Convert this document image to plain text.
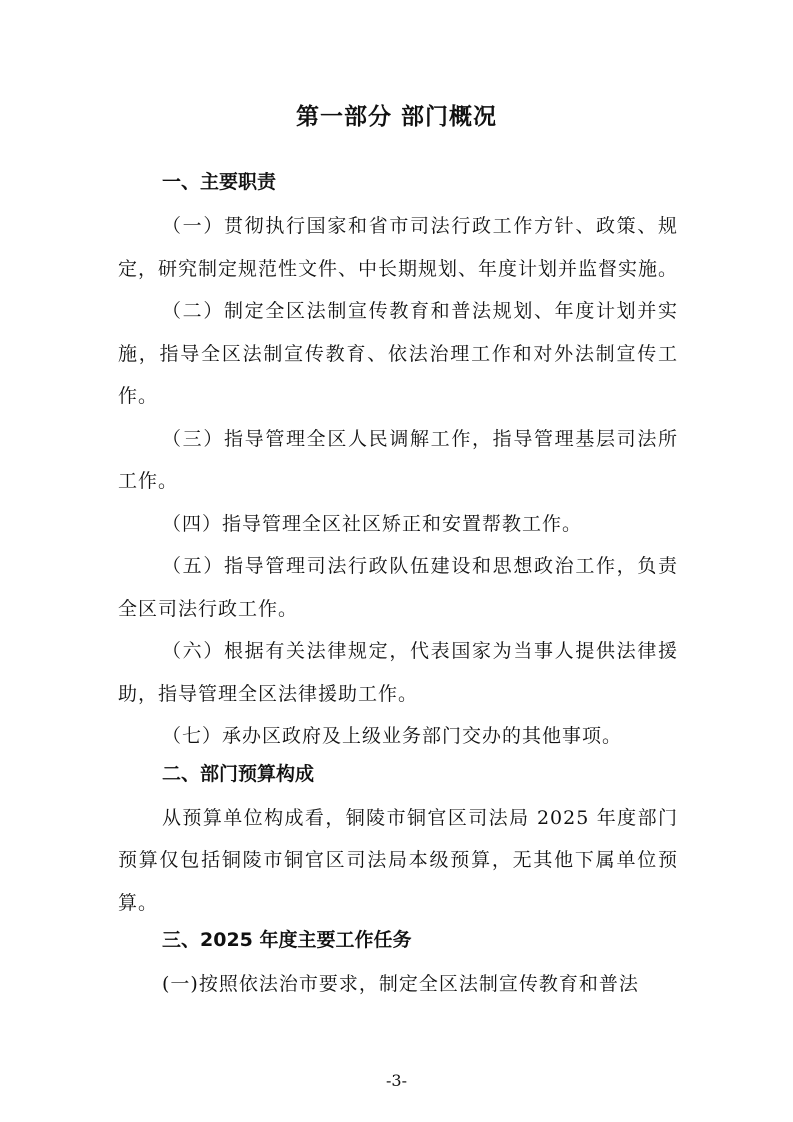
第一部分 部门概况
一、主要职责

（一）贯彻执行国家和省市司法行政工作方针、政策、规定，研究制定规范性文件、中长期规划、年度计划并监督实施。

（二）制定全区法制宣传教育和普法规划、年度计划并实施，指导全区法制宣传教育、依法治理工作和对外法制宣传工作。

（三）指导管理全区人民调解工作，指导管理基层司法所工作。

（四）指导管理全区社区矫正和安置帮教工作。

（五）指导管理司法行政队伍建设和思想政治工作，负责全区司法行政工作。

（六）根据有关法律规定，代表国家为当事人提供法律援助，指导管理全区法律援助工作。

（七）承办区政府及上级业务部门交办的其他事项。

二、部门预算构成

从预算单位构成看，铜陵市铜官区司法局 2025 年度部门预算仅包括铜陵市铜官区司法局本级预算，无其他下属单位预算。

三、2025 年度主要工作任务

(一)按照依法治市要求，制定全区法制宣传教育和普法

-3-
